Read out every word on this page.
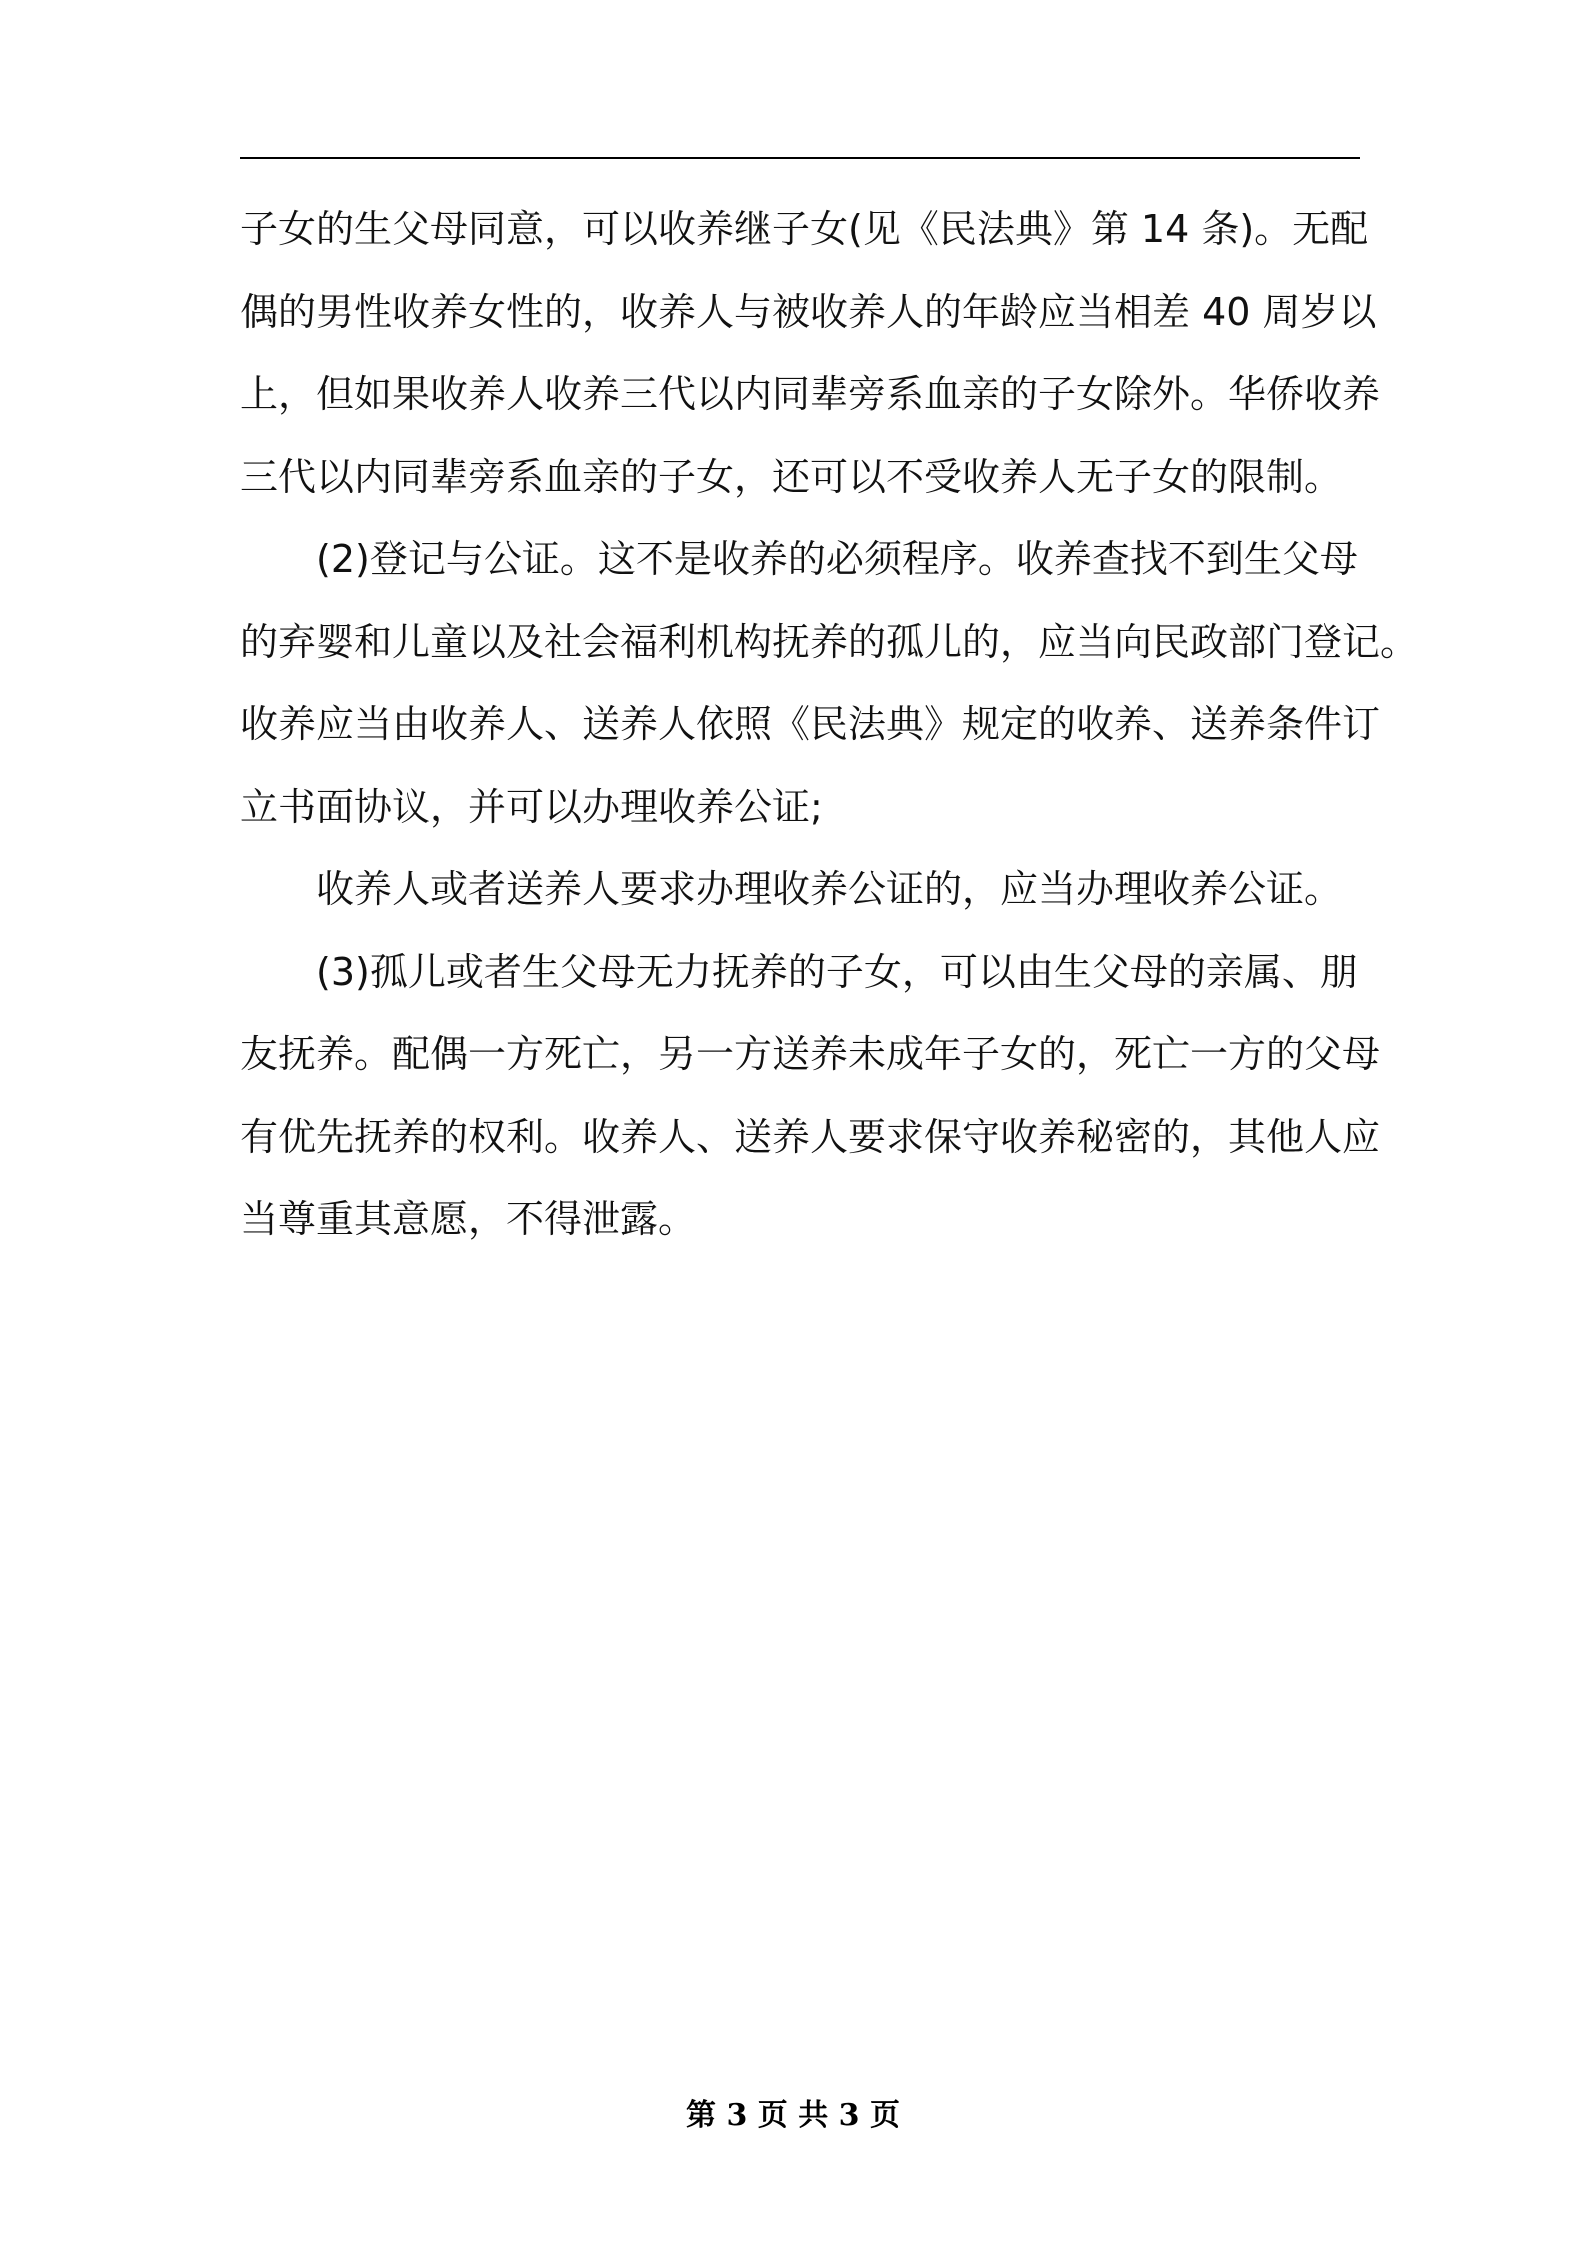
子女的生父母同意，可以收养继子女(见《民法典》第 14 条)。无配
偶的男性收养女性的，收养人与被收养人的年龄应当相差 40 周岁以
上，但如果收养人收养三代以内同辈旁系血亲的子女除外。华侨收养
三代以内同辈旁系血亲的子女，还可以不受收养人无子女的限制。

(2)登记与公证。这不是收养的必须程序。收养查找不到生父母
的弃婴和儿童以及社会福利机构抚养的孤儿的，应当向民政部门登记。
收养应当由收养人、送养人依照《民法典》规定的收养、送养条件订
立书面协议，并可以办理收养公证;

收养人或者送养人要求办理收养公证的，应当办理收养公证。

(3)孤儿或者生父母无力抚养的子女，可以由生父母的亲属、朋
友抚养。配偶一方死亡，另一方送养未成年子女的，死亡一方的父母
有优先抚养的权利。收养人、送养人要求保守收养秘密的，其他人应
当尊重其意愿，不得泄露。

第 3 页 共 3 页
